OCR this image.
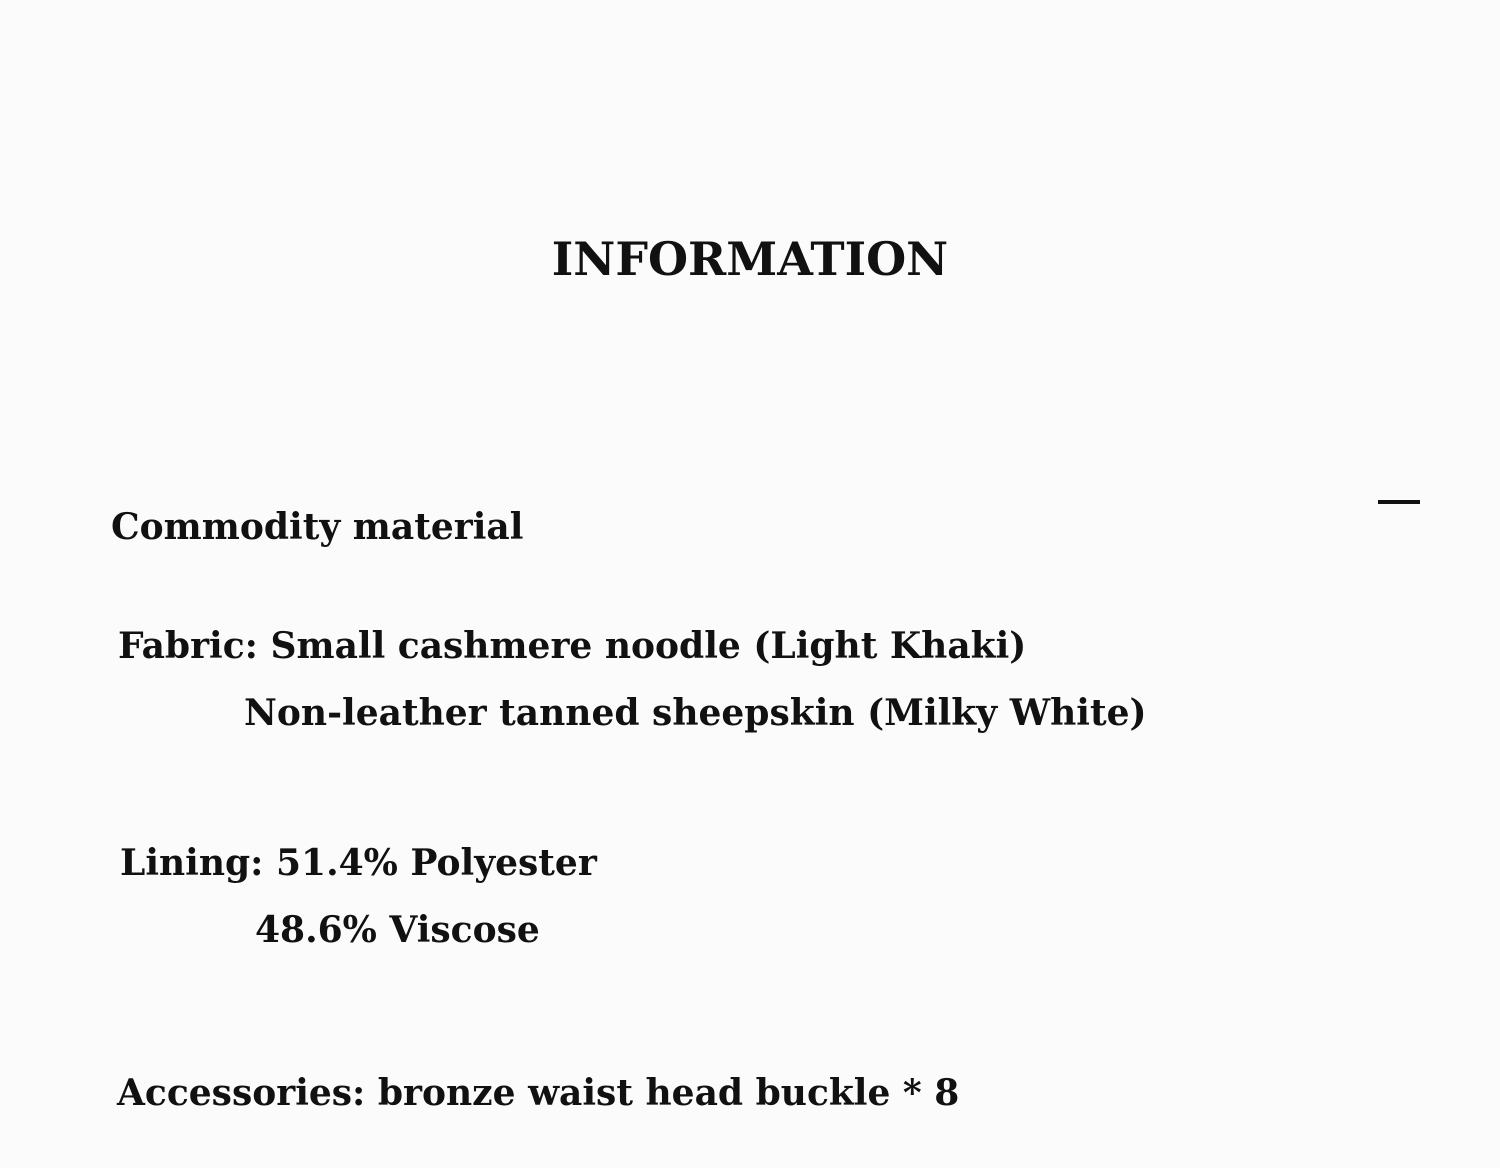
INFORMATION
Commodity material

Fabric: Small cashmere noodle (Light Khaki)

Non-leather tanned sheepskin (Milky White)

Lining: 51.4% Polyester

48.6% Viscose

Accessories: bronze waist head buckle * 8
